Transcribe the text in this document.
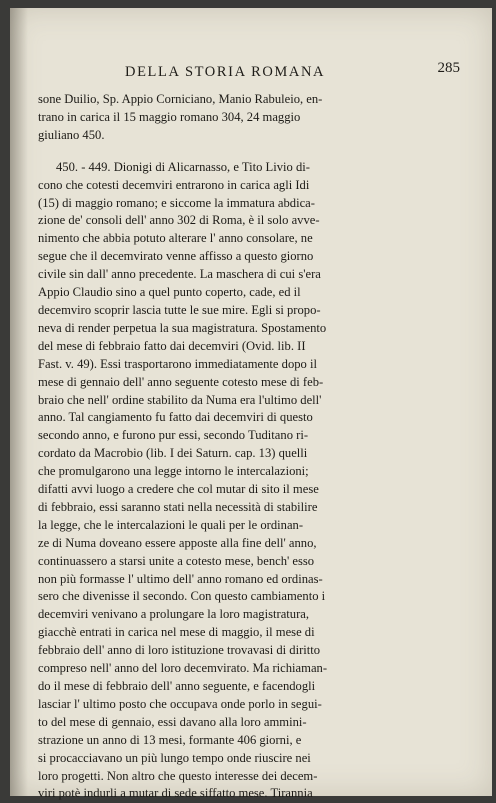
DELLA STORIA ROMANA	285
sone Duilio, Sp. Appio Corniciano, Manio Rabuleio, en-
trano in carica il 15 maggio romano 304, 24 maggio
giuliano 450.
450. - 449. Dionigi di Alicarnasso, e Tito Livio di-
cono che cotesti decemviri entrarono in carica agli Idi
(15) di maggio romano; e siccome la immatura abdica-
zione de' consoli dell' anno 302 di Roma, è il solo avve-
nimento che abbia potuto alterare l' anno consolare, ne
segue che il decemvirato venne affisso a questo giorno
civile sin dall' anno precedente. La maschera di cui s'era
Appio Claudio sino a quel punto coperto, cade, ed il
decemviro scoprir lascia tutte le sue mire. Egli si propo-
neva di render perpetua la sua magistratura. Spostamento
del mese di febbraio fatto dai decemviri (Ovid. lib. II
Fast. v. 49). Essi trasportarono immediatamente dopo il
mese di gennaio dell' anno seguente cotesto mese di feb-
braio che nell' ordine stabilito da Numa era l'ultimo dell'
anno. Tal cangiamento fu fatto dai decemviri di questo
secondo anno, e furono pur essi, secondo Tuditano ri-
cordato da Macrobio (lib. I dei Saturn. cap. 13) quelli
che promulgarono una legge intorno le intercalazioni;
difatti avvi luogo a credere che col mutar di sito il mese
di febbraio, essi saranno stati nella necessità di stabilire
la legge, che le intercalazioni le quali per le ordinan-
ze di Numa doveano essere apposte alla fine dell' anno,
continuassero a starsi unite a cotesto mese, bench' esso
non più formasse l' ultimo dell' anno romano ed ordinas-
sero che divenisse il secondo. Con questo cambiamento i
decemviri venivano a prolungare la loro magistratura,
giacchè entrati in carica nel mese di maggio, il mese di
febbraio dell' anno di loro istituzione trovavasi di diritto
compreso nell' anno del loro decemvirato. Ma richiaman-
do il mese di febbraio dell' anno seguente, e facendogli
lasciar l' ultimo posto che occupava onde porlo in segui-
to del mese di gennaio, essi davano alla loro ammini-
strazione un anno di 13 mesi, formante 406 giorni, e
si procacciavano un più lungo tempo onde riuscire nei
loro progetti. Non altro che questo interesse dei decem-
viri potè indurli a mutar di sede siffatto mese. Tirannia
